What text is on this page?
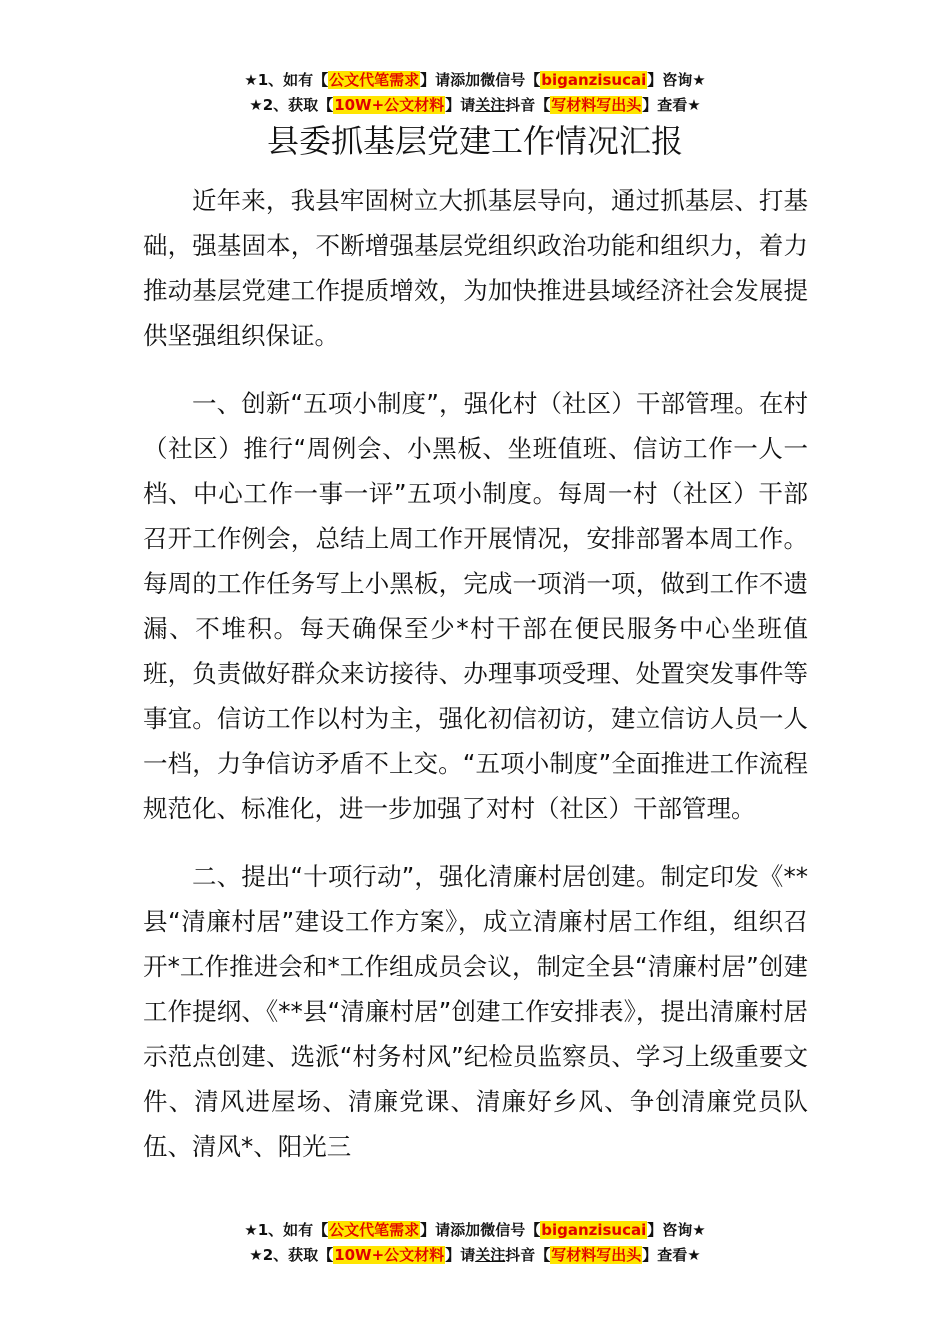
★1、如有【公文代笔需求】请添加微信号【biganzisucai】咨询★
★2、获取【10W+公文材料】请关注抖音【写材料写出头】查看★
县委抓基层党建工作情况汇报

近年来，我县牢固树立大抓基层导向，通过抓基层、打基础，强基固本，不断增强基层党组织政治功能和组织力，着力推动基层党建工作提质增效，为加快推进县域经济社会发展提供坚强组织保证。

一、创新“五项小制度”，强化村（社区）干部管理。在村（社区）推行“周例会、小黑板、坐班值班、信访工作一人一档、中心工作一事一评”五项小制度。每周一村（社区）干部召开工作例会，总结上周工作开展情况，安排部署本周工作。每周的工作任务写上小黑板，完成一项消一项，做到工作不遗漏、不堆积。每天确保至少*村干部在便民服务中心坐班值班，负责做好群众来访接待、办理事项受理、处置突发事件等事宜。信访工作以村为主，强化初信初访，建立信访人员一人一档，力争信访矛盾不上交。“五项小制度”全面推进工作流程规范化、标准化，进一步加强了对村（社区）干部管理。

二、提出“十项行动”，强化清廉村居创建。制定印发《**县“清廉村居”建设工作方案》，成立清廉村居工作组，组织召开*工作推进会和*工作组成员会议，制定全县“清廉村居”创建工作提纲、《**县“清廉村居”创建工作安排表》，提出清廉村居示范点创建、选派“村务村风”纪检员监察员、学习上级重要文件、清风进屋场、清廉党课、清廉好乡风、争创清廉党员队伍、清风*、阳光三

★1、如有【公文代笔需求】请添加微信号【biganzisucai】咨询★
★2、获取【10W+公文材料】请关注抖音【写材料写出头】查看★
